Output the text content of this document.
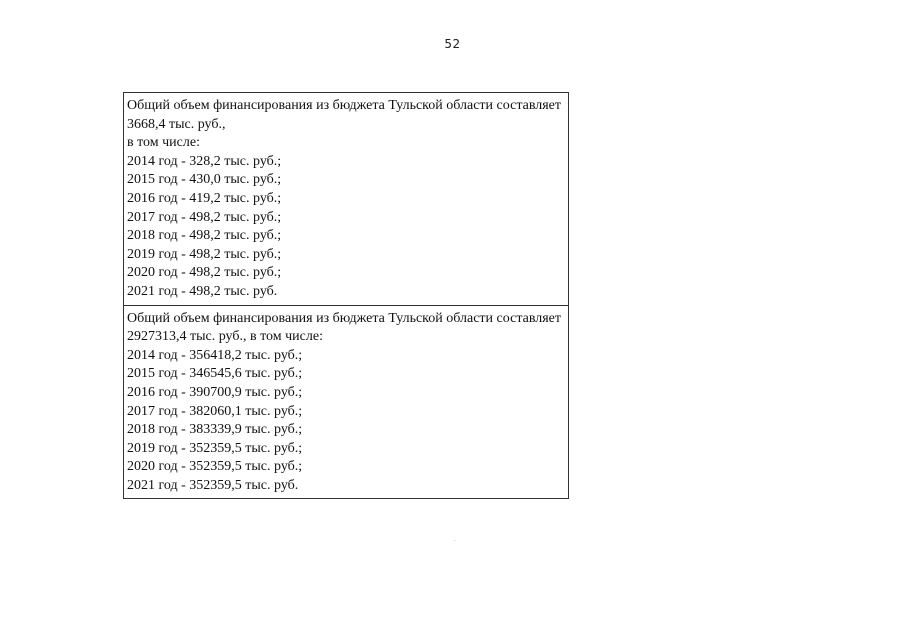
52
Общий объем финансирования из бюджета Тульской области составляет
3668,4 тыс. руб.,
в том числе:
2014 год - 328,2 тыс. руб.;
2015 год - 430,0 тыс. руб.;
2016 год - 419,2 тыс. руб.;
2017 год - 498,2 тыс. руб.;
2018 год - 498,2 тыс. руб.;
2019 год - 498,2 тыс. руб.;
2020 год - 498,2 тыс. руб.;
2021 год - 498,2 тыс. руб.
Общий объем финансирования из бюджета Тульской области составляет
2927313,4 тыс. руб., в том числе:
2014 год - 356418,2 тыс. руб.;
2015 год - 346545,6 тыс. руб.;
2016 год - 390700,9 тыс. руб.;
2017 год - 382060,1 тыс. руб.;
2018 год - 383339,9 тыс. руб.;
2019 год - 352359,5 тыс. руб.;
2020 год - 352359,5 тыс. руб.;
2021 год - 352359,5 тыс. руб.
